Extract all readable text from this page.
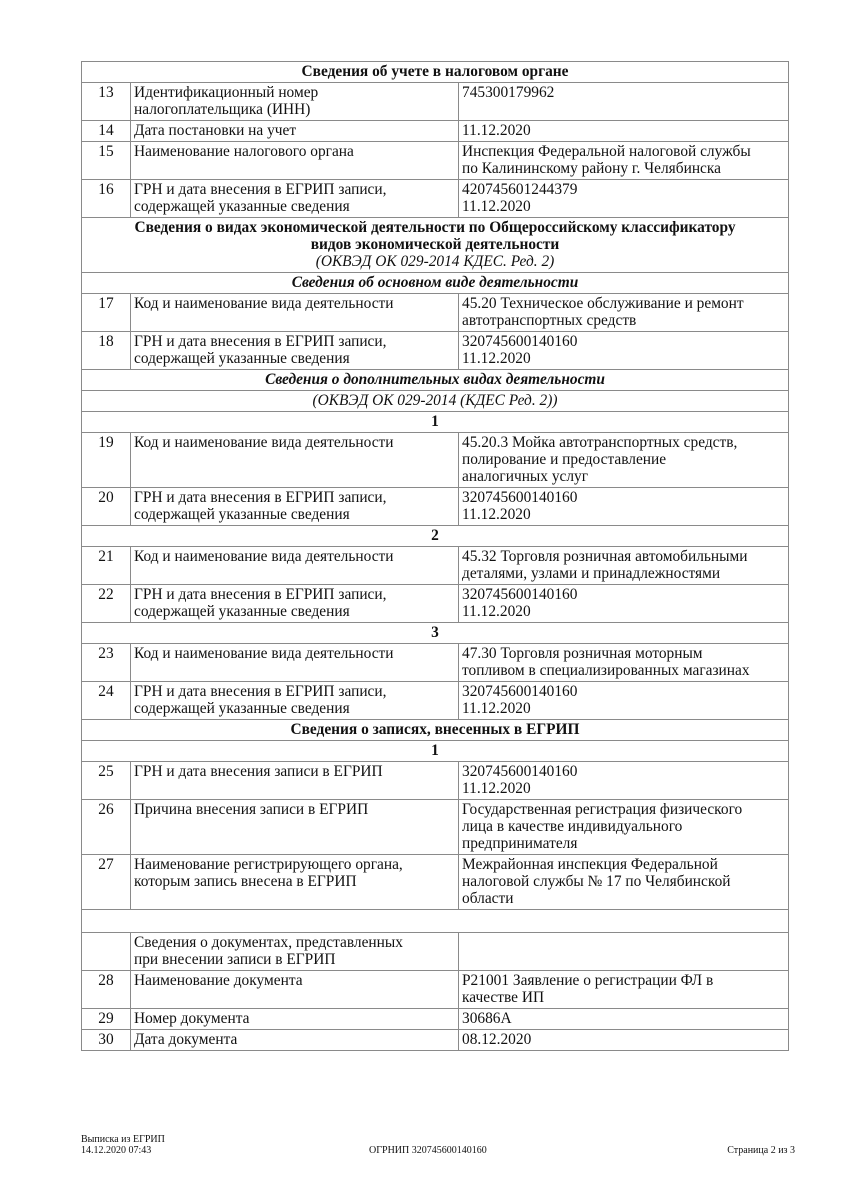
Сведения об учете в налоговом органе		
13	Идентификационный номер
налогоплательщика (ИНН)	745300179962

14	Дата постановки на учет	11.12.2020

15	Наименование налогового органа	Инспекция Федеральной налоговой службы
по Калининскому району г. Челябинска

16	ГРН и дата внесения в ЕГРИП записи,
содержащей указанные сведения	420745601244379
11.12.2020

Сведения о видах экономической деятельности по Общероссийскому классификатору
видов экономической деятельности
(ОКВЭД ОК 029-2014 КДЕС. Ред. 2)		

Сведения об основном виде деятельности		
17	Код и наименование вида деятельности	45.20 Техническое обслуживание и ремонт
автотранспортных средств

18	ГРН и дата внесения в ЕГРИП записи,
содержащей указанные сведения	320745600140160
11.12.2020

Сведения о дополнительных видах деятельности		
(ОКВЭД ОК 029-2014 (КДЕС Ред. 2))		
1		
19	Код и наименование вида деятельности	45.20.3 Мойка автотранспортных средств,
полирование и предоставление
аналогичных услуг

20	ГРН и дата внесения в ЕГРИП записи,
содержащей указанные сведения	320745600140160
11.12.2020

2		
21	Код и наименование вида деятельности	45.32 Торговля розничная автомобильными
деталями, узлами и принадлежностями

22	ГРН и дата внесения в ЕГРИП записи,
содержащей указанные сведения	320745600140160
11.12.2020

3		
23	Код и наименование вида деятельности	47.30 Торговля розничная моторным
топливом в специализированных магазинах

24	ГРН и дата внесения в ЕГРИП записи,
содержащей указанные сведения	320745600140160
11.12.2020

Сведения о записях, внесенных в ЕГРИП		
1		
25	ГРН и дата внесения записи в ЕГРИП	320745600140160
11.12.2020

26	Причина внесения записи в ЕГРИП	Государственная регистрация физического
лица в качестве индивидуального
предпринимателя

27	Наименование регистрирующего органа,
которым запись внесена в ЕГРИП	Межрайонная инспекция Федеральной
налоговой службы № 17 по Челябинской
области

	Сведения о документах, представленных
при внесении записи в ЕГРИП	

28	Наименование документа	Р21001 Заявление о регистрации ФЛ в
качестве ИП

29	Номер документа	30686А

30	Дата документа	08.12.2020
Выписка из ЕГРИП
14.12.2020 07:43	ОГРНИП 320745600140160	Страница 2 из 3
